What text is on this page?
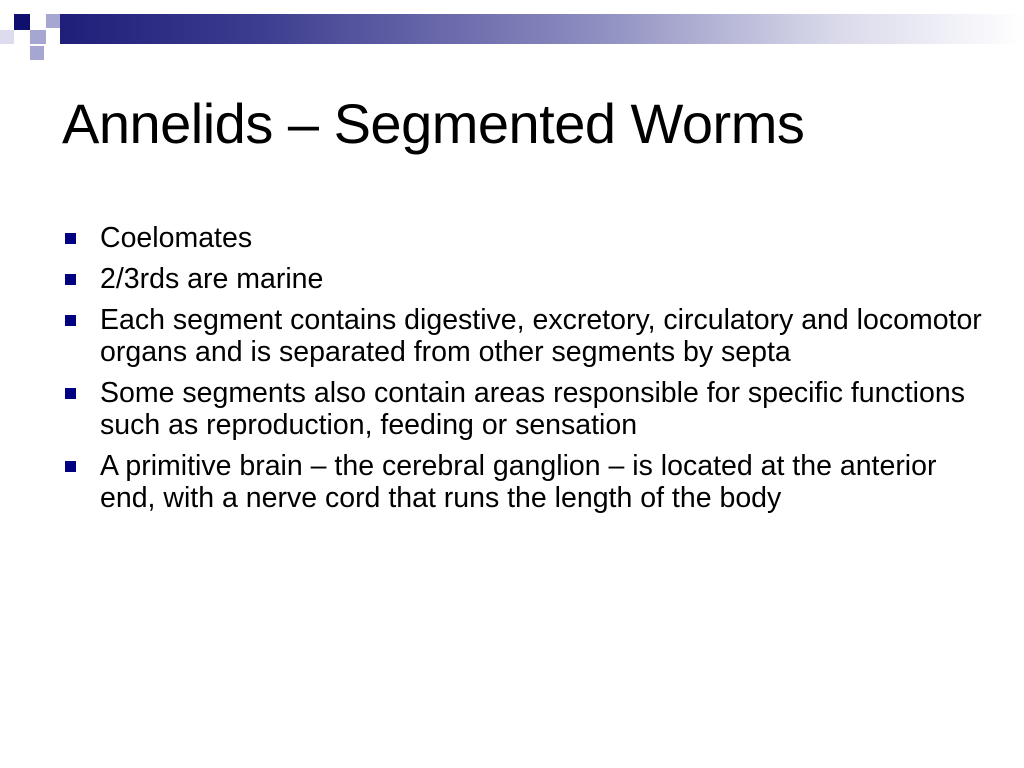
Annelids – Segmented Worms
Coelomates
2/3rds are marine
Each segment contains digestive, excretory, circulatory and locomotor organs and is separated from other segments by septa
Some segments also contain areas responsible for specific functions such as reproduction, feeding or sensation
A primitive brain – the cerebral ganglion – is located at the anterior end, with a nerve cord that runs the length of the body
